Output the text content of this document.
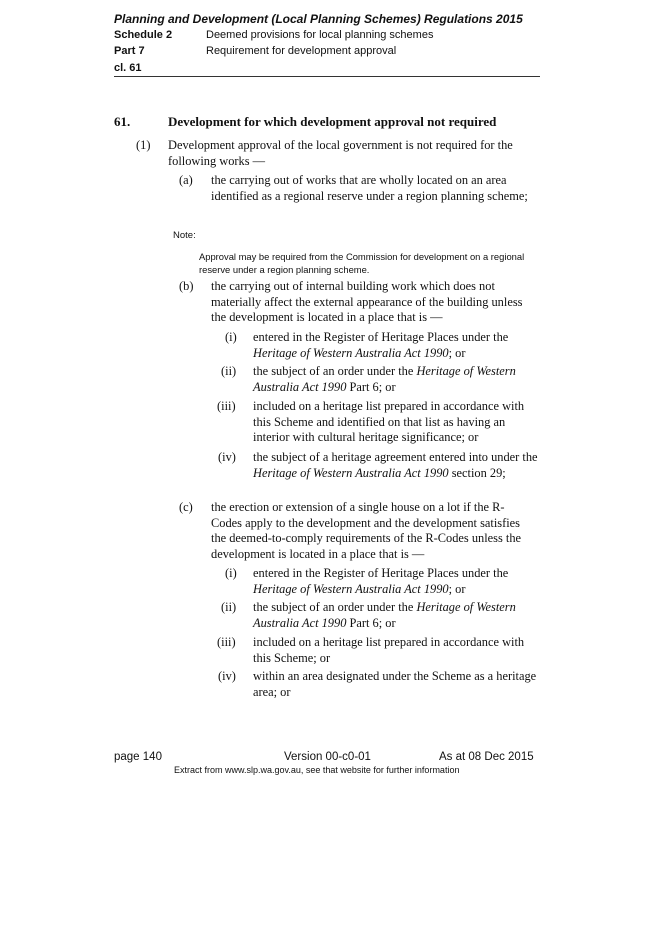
Planning and Development (Local Planning Schemes) Regulations 2015
Schedule 2	Deemed provisions for local planning schemes
Part 7	Requirement for development approval
cl. 61
61.	Development for which development approval not required
(1) Development approval of the local government is not required for the following works —
(a) the carrying out of works that are wholly located on an area identified as a regional reserve under a region planning scheme;
Note:
Approval may be required from the Commission for development on a regional reserve under a region planning scheme.
(b) the carrying out of internal building work which does not materially affect the external appearance of the building unless the development is located in a place that is —
(i) entered in the Register of Heritage Places under the Heritage of Western Australia Act 1990; or
(ii) the subject of an order under the Heritage of Western Australia Act 1990 Part 6; or
(iii) included on a heritage list prepared in accordance with this Scheme and identified on that list as having an interior with cultural heritage significance; or
(iv) the subject of a heritage agreement entered into under the Heritage of Western Australia Act 1990 section 29;
(c) the erection or extension of a single house on a lot if the R-Codes apply to the development and the development satisfies the deemed-to-comply requirements of the R-Codes unless the development is located in a place that is —
(i) entered in the Register of Heritage Places under the Heritage of Western Australia Act 1990; or
(ii) the subject of an order under the Heritage of Western Australia Act 1990 Part 6; or
(iii) included on a heritage list prepared in accordance with this Scheme; or
(iv) within an area designated under the Scheme as a heritage area; or
page 140	Version 00-c0-01	As at 08 Dec 2015
Extract from www.slp.wa.gov.au, see that website for further information
